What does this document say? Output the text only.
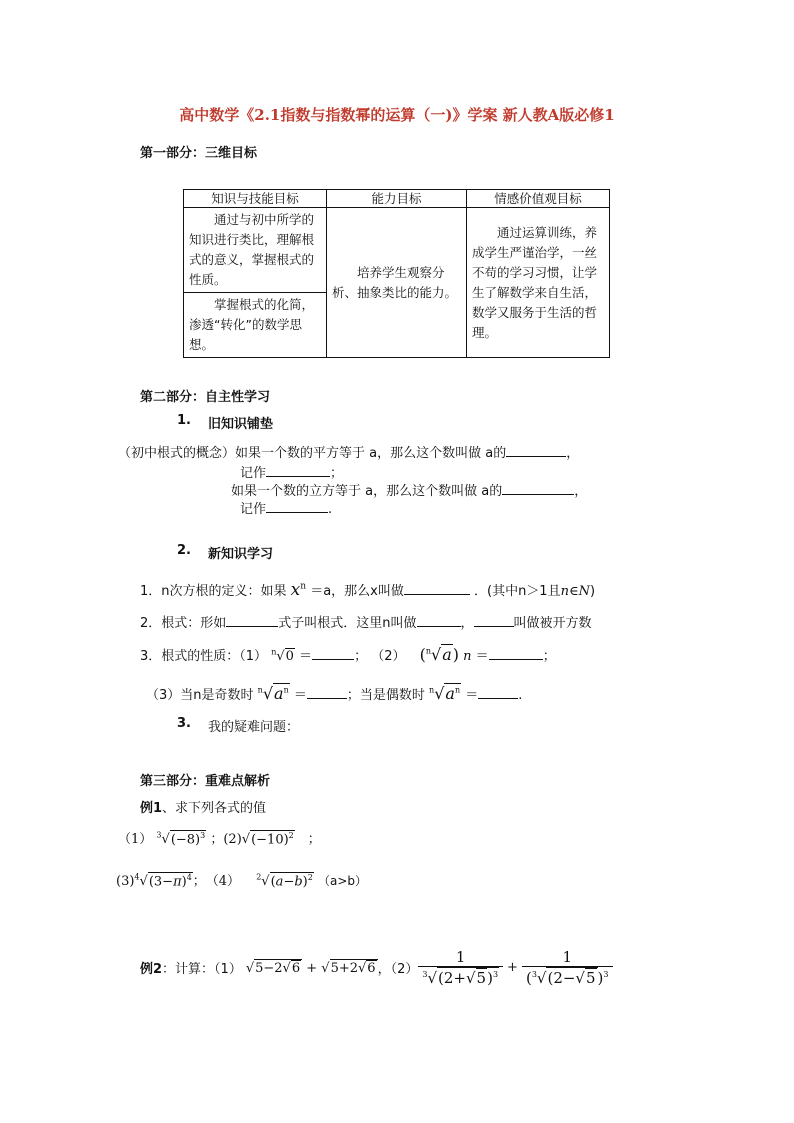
高中数学《2.1指数与指数幂的运算（一)》学案 新人教A版必修1
第一部分：三维目标
知识与技能目标	能力目标	情感价值观目标
通过与初中所学的知识进行类比，理解根式的意义，掌握根式的性质。	培养学生观察分析、抽象类比的能力。	通过运算训练，养成学生严谨治学，一丝不苟的学习习惯，让学生了解数学来自生活，数学又服务于生活的哲理。
掌握根式的化简，渗透“转化”的数学思想。		
第二部分：自主性学习
1. 旧知识铺垫
（初中根式的概念）如果一个数的平方等于 a，那么这个数叫做 a的	，
记作	；
如果一个数的立方等于 a，那么这个数叫做 a的	，
记作	.
2. 新知识学习
1．n次方根的定义：如果 $x^n =a$，那么x叫做	．(其中n＞1且n∈N)
2．根式：形如	式子叫根式．这里n叫做	，	叫做被开方数
3．根式的性质：（1） $^n$√0 ＝	； （2） ($^n$√a) n ＝	；
（3）当n是奇数时 $^n√a^n$ ＝	；当是偶数时 $^n√a^n$ ＝	.
3. 我的疑难问题：
第三部分：重难点解析
例1、求下列各式的值
（1） $^3√(-8)^3$ ；$(2)√(-10)^2$　；
$(3)^4√(3-\pi)^4$；　（4） $^2√(a-b)^2$ （a>b）
例2 ：计算：（1） √5−2√6 + √5+2√6 ，$(2) \frac{1}{^3√(2+√5)^3} + \frac{1}{(^3√(2-√5 )^3}$
